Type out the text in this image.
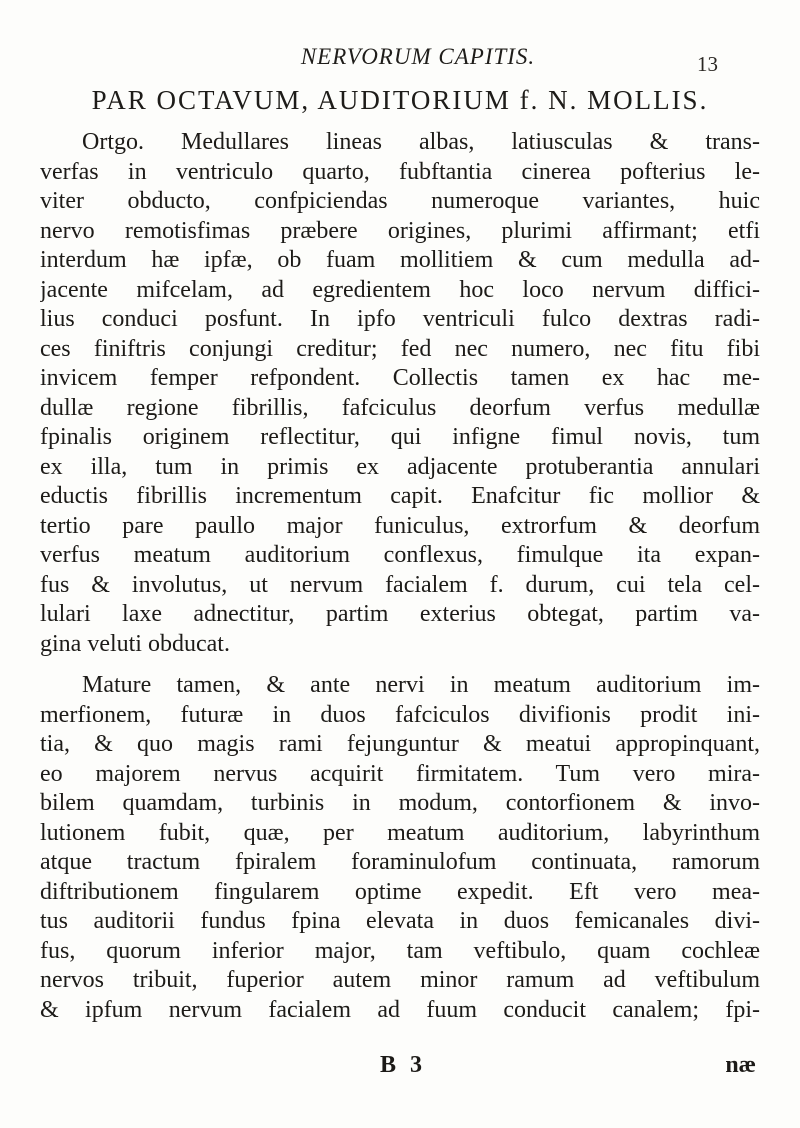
NERVORUM CAPITIS.	13
PAR OCTAVUM, AUDITORIUM f. N. MOLLIS.
Ortgo. Medullares lineas albas, latiusculas & trans-
verfas in ventriculo quarto, fubftantia cinerea pofterius le-
viter obducto, confpiciendas numeroque variantes, huic
nervo remotisfimas præbere origines, plurimi affirmant; etfi
interdum hæ ipfæ, ob fuam mollitiem & cum medulla ad-
jacente mifcelam, ad egredientem hoc loco nervum diffici-
lius conduci posfunt. In ipfo ventriculi fulco dextras radi-
ces finiftris conjungi creditur; fed nec numero, nec fitu fibi
invicem femper refpondent. Collectis tamen ex hac me-
dullæ regione fibrillis, fafciculus deorfum verfus medullæ
fpinalis originem reflectitur, qui infigne fimul novis, tum
ex illa, tum in primis ex adjacente protuberantia annulari
eductis fibrillis incrementum capit. Enafcitur fic mollior &
tertio pare paullo major funiculus, extrorfum & deorfum
verfus meatum auditorium conflexus, fimulque ita expan-
fus & involutus, ut nervum facialem f. durum, cui tela cel-
lulari laxe adnectitur, partim exterius obtegat, partim va-
gina veluti obducat.
Mature tamen, & ante nervi in meatum auditorium im-
merfionem, futuræ in duos fafciculos divifionis prodit ini-
tia, & quo magis rami fejunguntur & meatui appropinquant,
eo majorem nervus acquirit firmitatem. Tum vero mira-
bilem quamdam, turbinis in modum, contorfionem & invo-
lutionem fubit, quæ, per meatum auditorium, labyrinthum
atque tractum fpiralem foraminulofum continuata, ramorum
diftributionem fingularem optime expedit. Eft vero mea-
tus auditorii fundus fpina elevata in duos femicanales divi-
fus, quorum inferior major, tam veftibulo, quam cochleæ
nervos tribuit, fuperior autem minor ramum ad veftibulum
& ipfum nervum facialem ad fuum conducit canalem; fpi-
B 3	næ
